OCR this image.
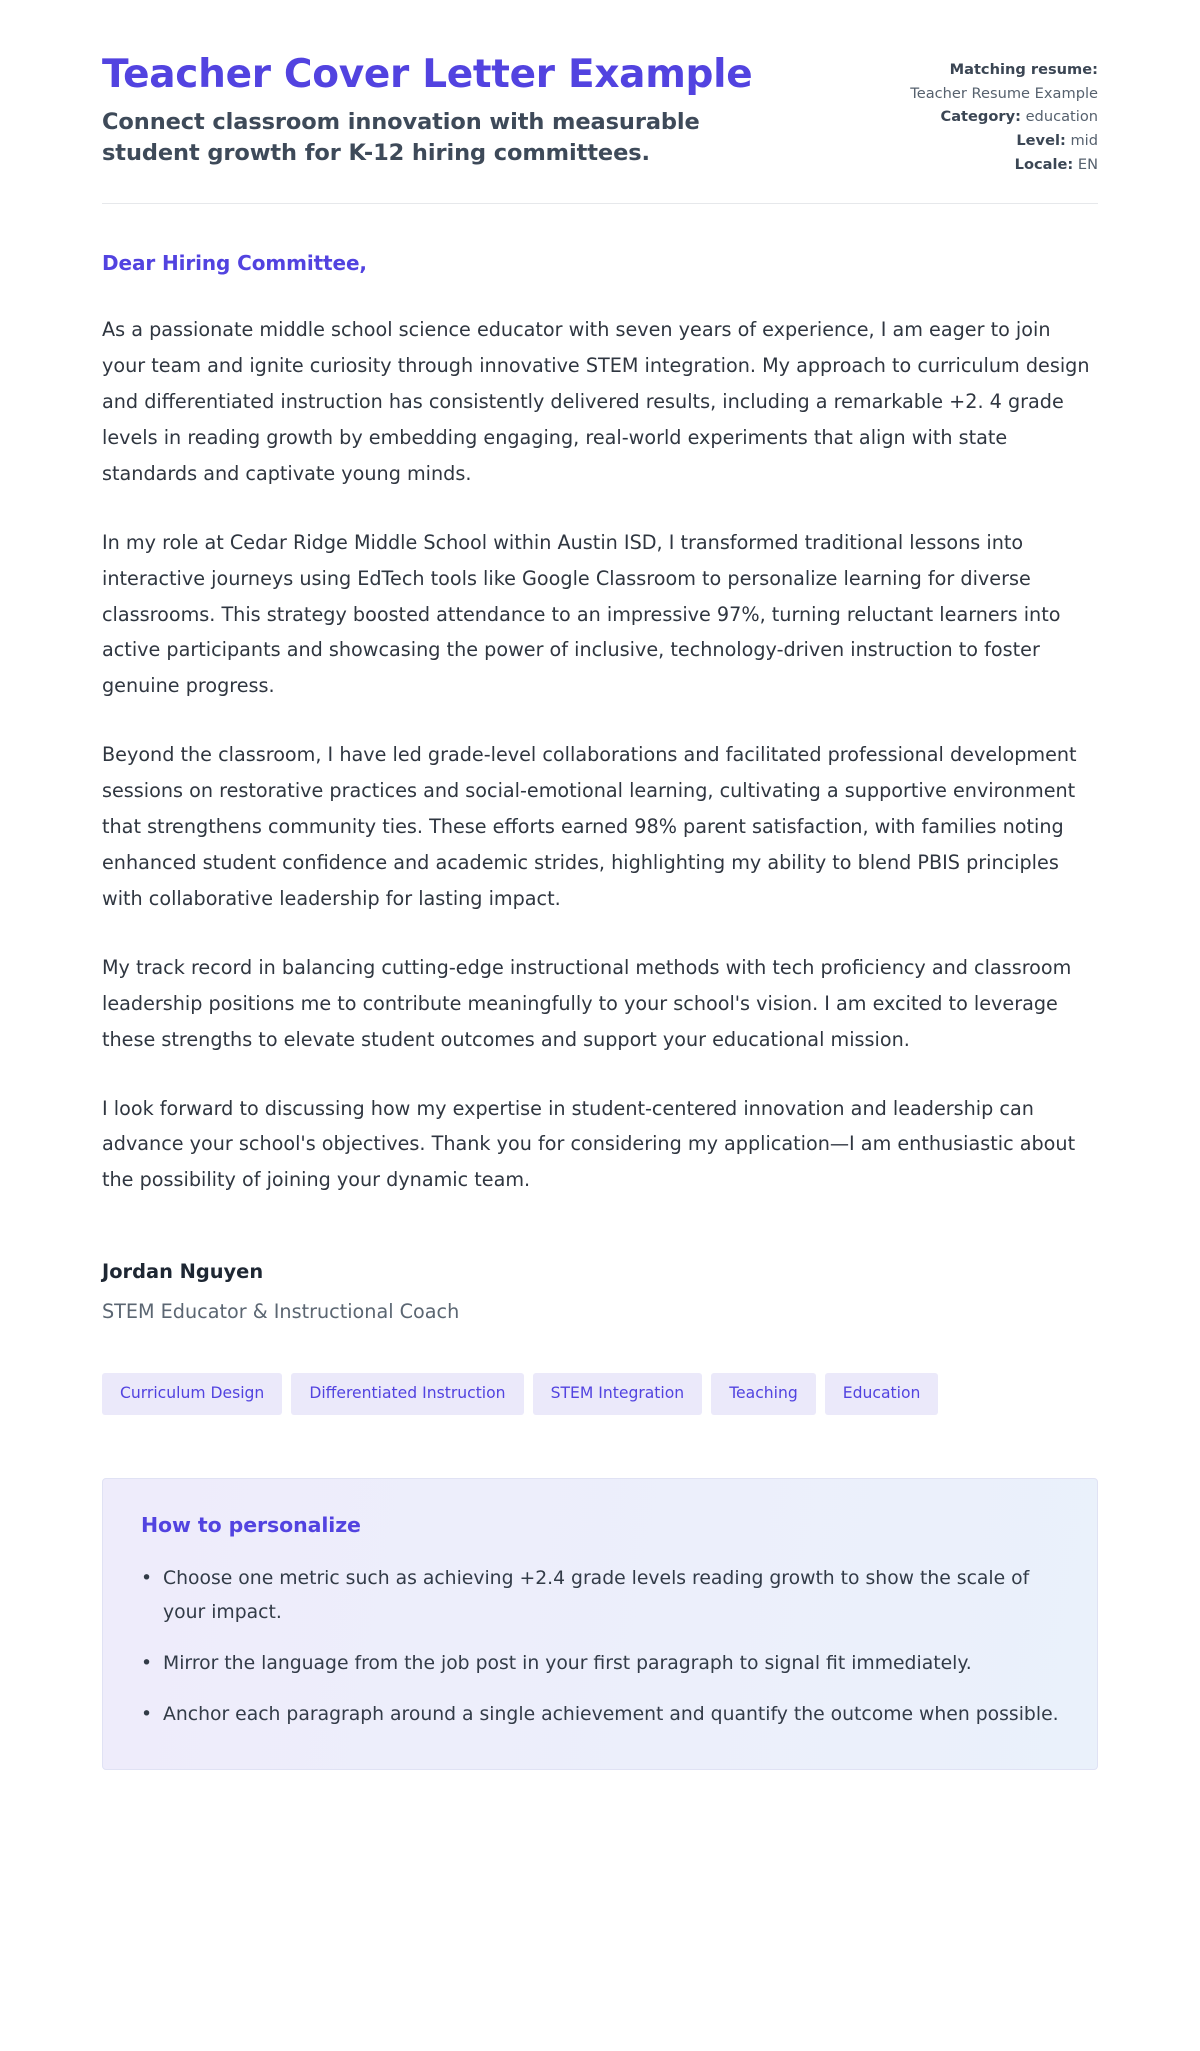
Teacher Cover Letter Example

Connect classroom innovation with measurable student growth for K-12 hiring committees.

Matching resume:
Teacher Resume Example
Category: education
Level: mid
Locale: EN

Dear Hiring Committee,

As a passionate middle school science educator with seven years of experience, I am eager to join your team and ignite curiosity through innovative STEM integration. My approach to curriculum design and differentiated instruction has consistently delivered results, including a remarkable +2. 4 grade levels in reading growth by embedding engaging, real-world experiments that align with state standards and captivate young minds.

In my role at Cedar Ridge Middle School within Austin ISD, I transformed traditional lessons into interactive journeys using EdTech tools like Google Classroom to personalize learning for diverse classrooms. This strategy boosted attendance to an impressive 97%, turning reluctant learners into active participants and showcasing the power of inclusive, technology-driven instruction to foster genuine progress.

Beyond the classroom, I have led grade-level collaborations and facilitated professional development sessions on restorative practices and social-emotional learning, cultivating a supportive environment that strengthens community ties. These efforts earned 98% parent satisfaction, with families noting enhanced student confidence and academic strides, highlighting my ability to blend PBIS principles with collaborative leadership for lasting impact.

My track record in balancing cutting-edge instructional methods with tech proficiency and classroom leadership positions me to contribute meaningfully to your school's vision. I am excited to leverage these strengths to elevate student outcomes and support your educational mission.

I look forward to discussing how my expertise in student-centered innovation and leadership can advance your school's objectives. Thank you for considering my application—I am enthusiastic about the possibility of joining your dynamic team.

Jordan Nguyen

STEM Educator & Instructional Coach

Curriculum Design	Differentiated Instruction	STEM Integration	Teaching	Education
How to personalize
• Choose one metric such as achieving +2.4 grade levels reading growth to show the scale of your impact.
• Mirror the language from the job post in your first paragraph to signal fit immediately.
• Anchor each paragraph around a single achievement and quantify the outcome when possible.
